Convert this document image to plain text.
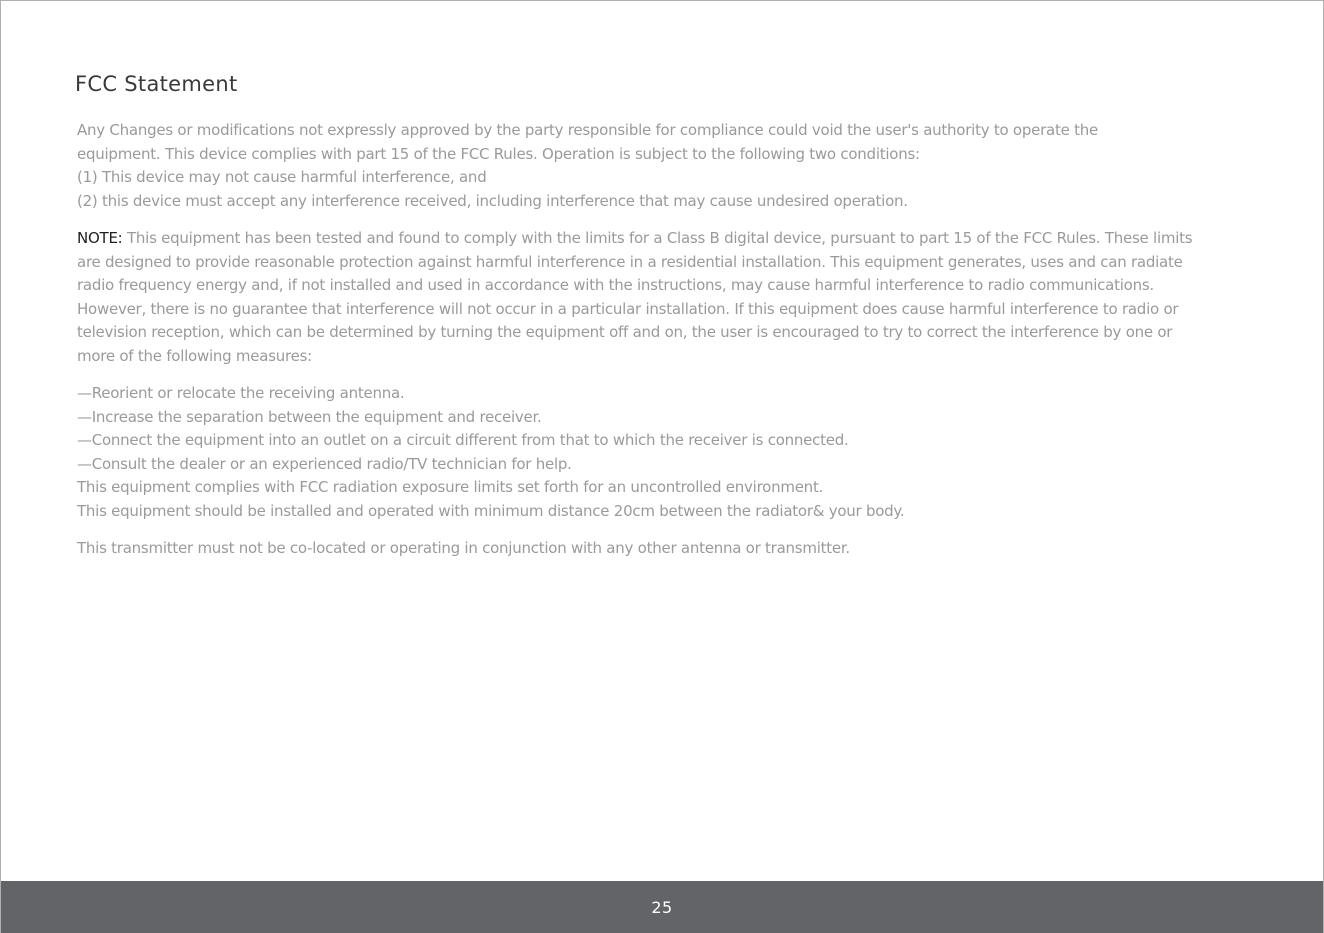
FCC Statement

Any Changes or modifications not expressly approved by the party responsible for compliance could void the user's authority to operate the

equipment. This device complies with part 15 of the FCC Rules. Operation is subject to the following two conditions:

(1) This device may not cause harmful interference, and

(2) this device must accept any interference received, including interference that may cause undesired operation.

NOTE: This equipment has been tested and found to comply with the limits for a Class B digital device, pursuant to part 15 of the FCC Rules. These limits

are designed to provide reasonable protection against harmful interference in a residential installation. This equipment generates, uses and can radiate

radio frequency energy and, if not installed and used in accordance with the instructions, may cause harmful interference to radio communications.

However, there is no guarantee that interference will not occur in a particular installation. If this equipment does cause harmful interference to radio or

television reception, which can be determined by turning the equipment off and on, the user is encouraged to try to correct the interference by one or

more of the following measures:

—Reorient or relocate the receiving antenna.

—Increase the separation between the equipment and receiver.

—Connect the equipment into an outlet on a circuit different from that to which the receiver is connected.

—Consult the dealer or an experienced radio/TV technician for help.

This equipment complies with FCC radiation exposure limits set forth for an uncontrolled environment.

This equipment should be installed and operated with minimum distance 20cm between the radiator& your body.

This transmitter must not be co-located or operating in conjunction with any other antenna or transmitter.

25
